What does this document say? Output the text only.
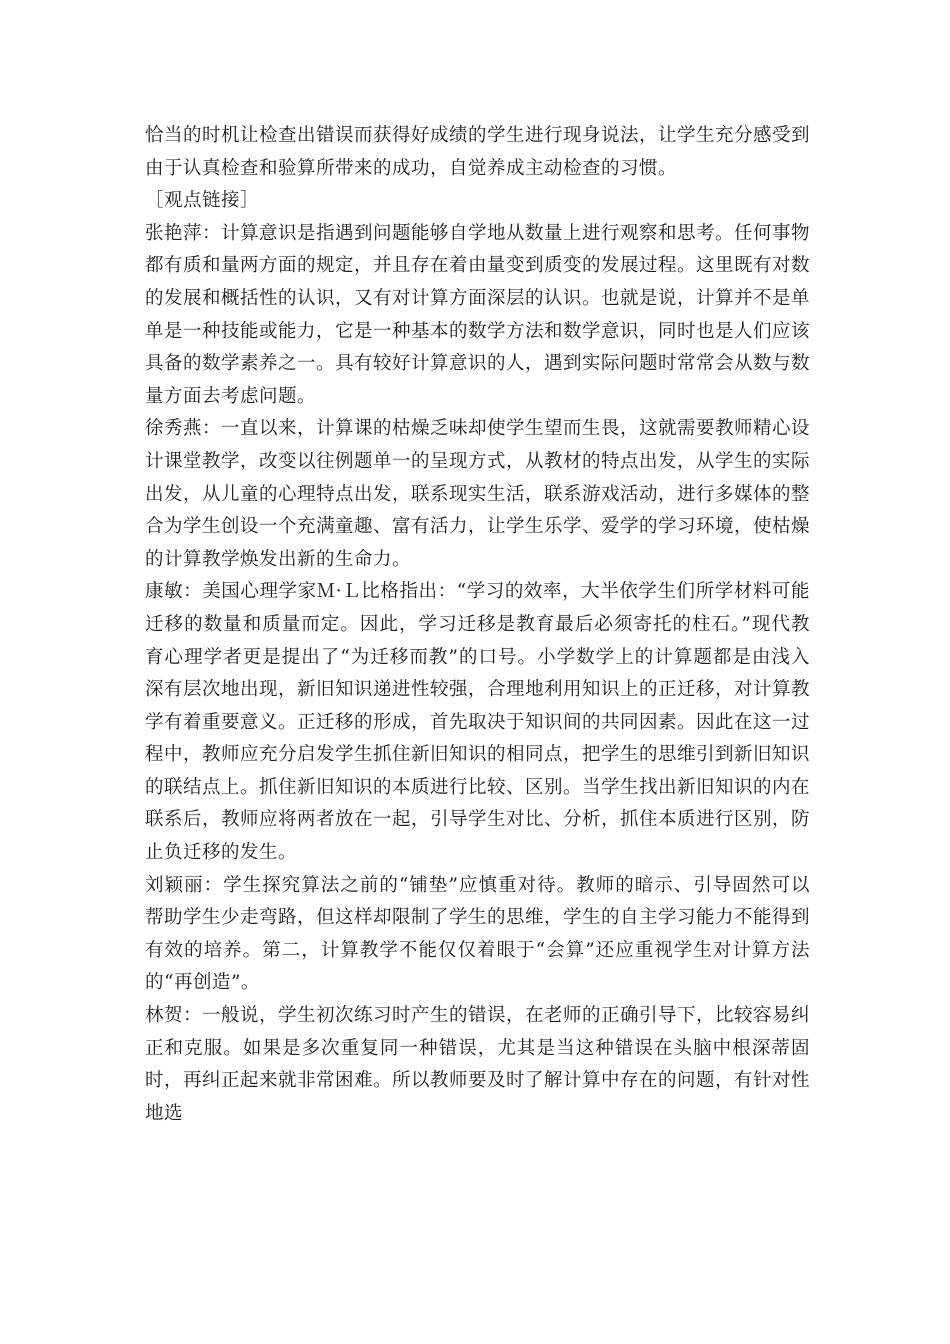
恰当的时机让检查出错误而获得好成绩的学生进行现身说法，让学生充分感受到由于认真检查和验算所带来的成功，自觉养成主动检查的习惯。

［观点链接］

张艳萍：计算意识是指遇到问题能够自学地从数量上进行观察和思考。任何事物都有质和量两方面的规定，并且存在着由量变到质变的发展过程。这里既有对数的发展和概括性的认识，又有对计算方面深层的认识。也就是说，计算并不是单单是一种技能或能力，它是一种基本的数学方法和数学意识，同时也是人们应该具备的数学素养之一。具有较好计算意识的人，遇到实际问题时常常会从数与数量方面去考虑问题。

徐秀燕：一直以来，计算课的枯燥乏味却使学生望而生畏，这就需要教师精心设计课堂教学，改变以往例题单一的呈现方式，从教材的特点出发，从学生的实际出发，从儿童的心理特点出发，联系现实生活，联系游戏活动，进行多媒体的整合为学生创设一个充满童趣、富有活力，让学生乐学、爱学的学习环境，使枯燥的计算教学焕发出新的生命力。

康敏：美国心理学家Ｍ·Ｌ比格指出：“学习的效率，大半依学生们所学材料可能迁移的数量和质量而定。因此，学习迁移是教育最后必须寄托的柱石。”现代教育心理学者更是提出了“为迁移而教”的口号。小学数学上的计算题都是由浅入深有层次地出现，新旧知识递进性较强，合理地利用知识上的正迁移，对计算教学有着重要意义。正迁移的形成，首先取决于知识间的共同因素。因此在这一过程中，教师应充分启发学生抓住新旧知识的相同点，把学生的思维引到新旧知识的联结点上。抓住新旧知识的本质进行比较、区别。当学生找出新旧知识的内在联系后，教师应将两者放在一起，引导学生对比、分析，抓住本质进行区别，防止负迁移的发生。

刘颖丽：学生探究算法之前的“铺垫”应慎重对待。教师的暗示、引导固然可以帮助学生少走弯路，但这样却限制了学生的思维，学生的自主学习能力不能得到有效的培养。第二，计算教学不能仅仅着眼于“会算”还应重视学生对计算方法的“再创造”。

林贺：一般说，学生初次练习时产生的错误，在老师的正确引导下，比较容易纠正和克服。如果是多次重复同一种错误，尤其是当这种错误在头脑中根深蒂固时，再纠正起来就非常困难。所以教师要及时了解计算中存在的问题，有针对性地选
